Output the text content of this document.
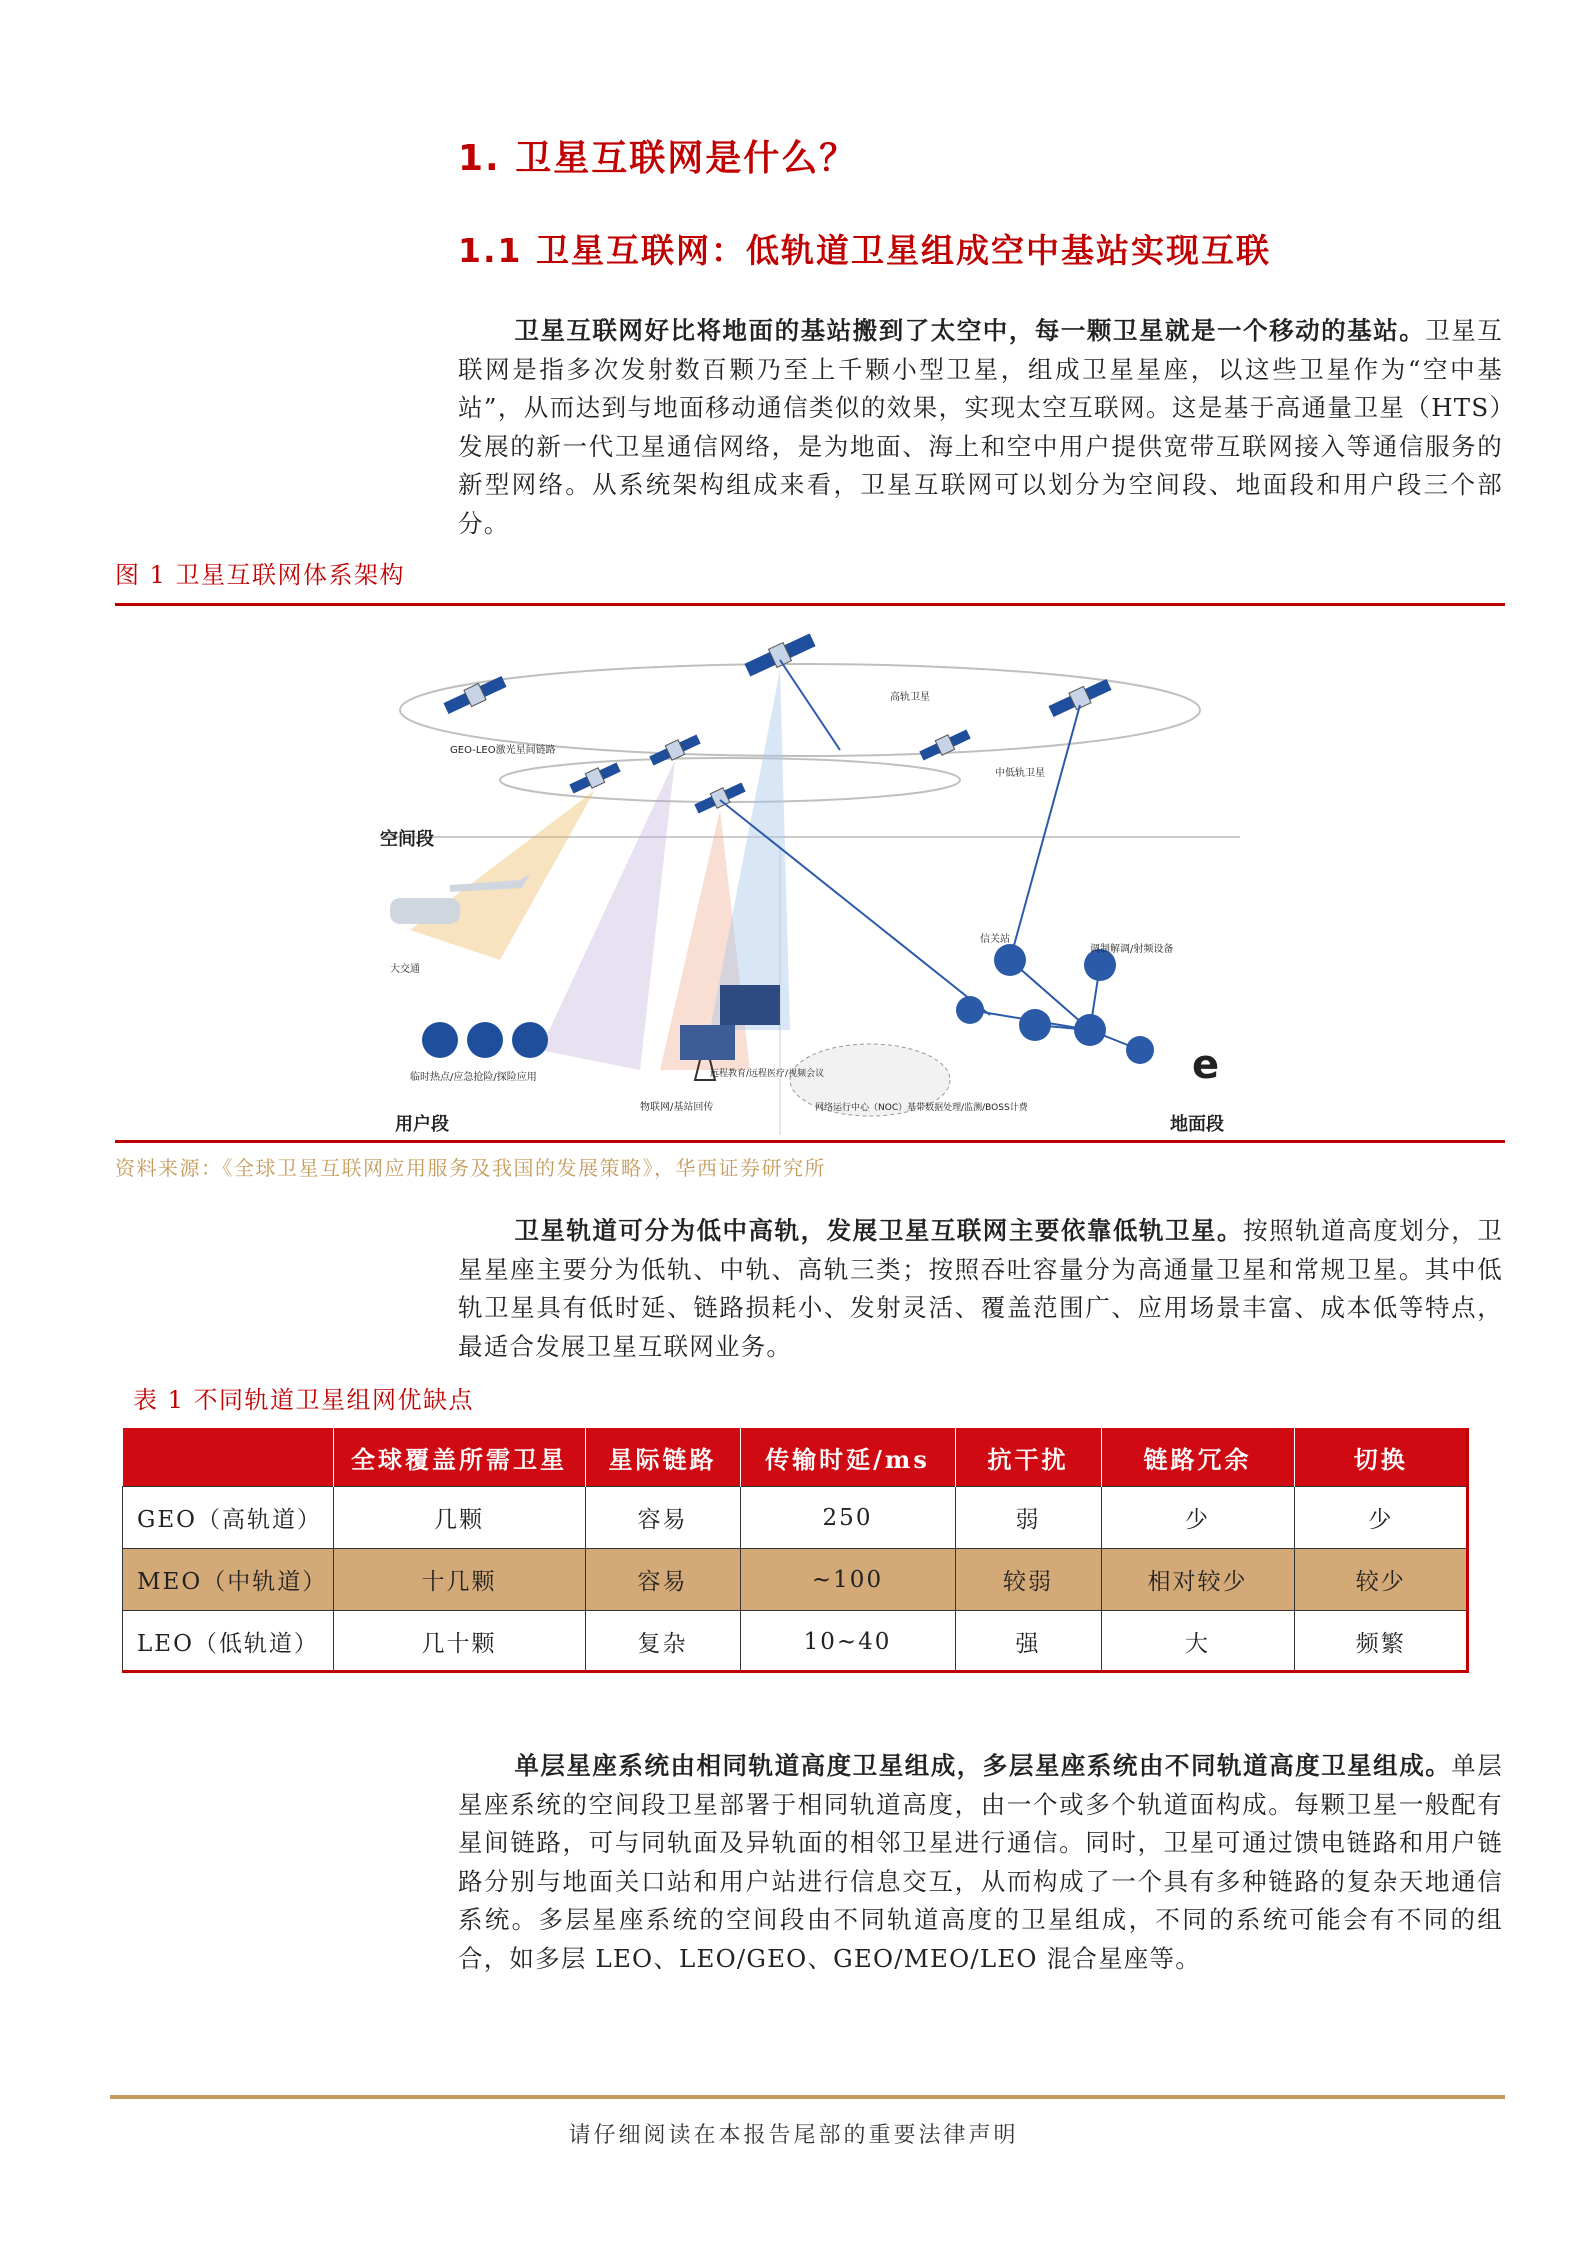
1. 卫星互联网是什么？
1.1 卫星互联网：低轨道卫星组成空中基站实现互联
卫星互联网好比将地面的基站搬到了太空中，每一颗卫星就是一个移动的基站。卫星互联网是指多次发射数百颗乃至上千颗小型卫星，组成卫星星座，以这些卫星作为“空中基站”，从而达到与地面移动通信类似的效果，实现太空互联网。这是基于高通量卫星（HTS）发展的新一代卫星通信网络，是为地面、海上和空中用户提供宽带互联网接入等通信服务的新型网络。从系统架构组成来看，卫星互联网可以划分为空间段、地面段和用户段三个部分。
图 1 卫星互联网体系架构
e
空间段
高轨卫星
中低轨卫星
GEO-LEO激光星间链路
大交通
临时热点/应急抢险/探险应用
物联网/基站回传
远程教育/远程医疗/视频会议
信关站
调制解调/射频设备
网络运行中心（NOC）基带数据处理/监测/BOSS计费
用户段	地面段
资料来源：《全球卫星互联网应用服务及我国的发展策略》，华西证券研究所
卫星轨道可分为低中高轨，发展卫星互联网主要依靠低轨卫星。按照轨道高度划分，卫星星座主要分为低轨、中轨、高轨三类；按照吞吐容量分为高通量卫星和常规卫星。其中低轨卫星具有低时延、链路损耗小、发射灵活、覆盖范围广、应用场景丰富、成本低等特点，最适合发展卫星互联网业务。
表 1 不同轨道卫星组网优缺点
	全球覆盖所需卫星	星际链路	传输时延/ms	抗干扰	链路冗余	切换
GEO（高轨道）	几颗	容易	250	弱	少	少
MEO（中轨道）	十几颗	容易	~100	较弱	相对较少	较少
LEO（低轨道）	几十颗	复杂	10~40	强	大	频繁
单层星座系统由相同轨道高度卫星组成，多层星座系统由不同轨道高度卫星组成。单层星座系统的空间段卫星部署于相同轨道高度，由一个或多个轨道面构成。每颗卫星一般配有星间链路，可与同轨面及异轨面的相邻卫星进行通信。同时，卫星可通过馈电链路和用户链路分别与地面关口站和用户站进行信息交互，从而构成了一个具有多种链路的复杂天地通信系统。多层星座系统的空间段由不同轨道高度的卫星组成，不同的系统可能会有不同的组合，如多层 LEO、LEO/GEO、GEO/MEO/LEO 混合星座等。
请仔细阅读在本报告尾部的重要法律声明
